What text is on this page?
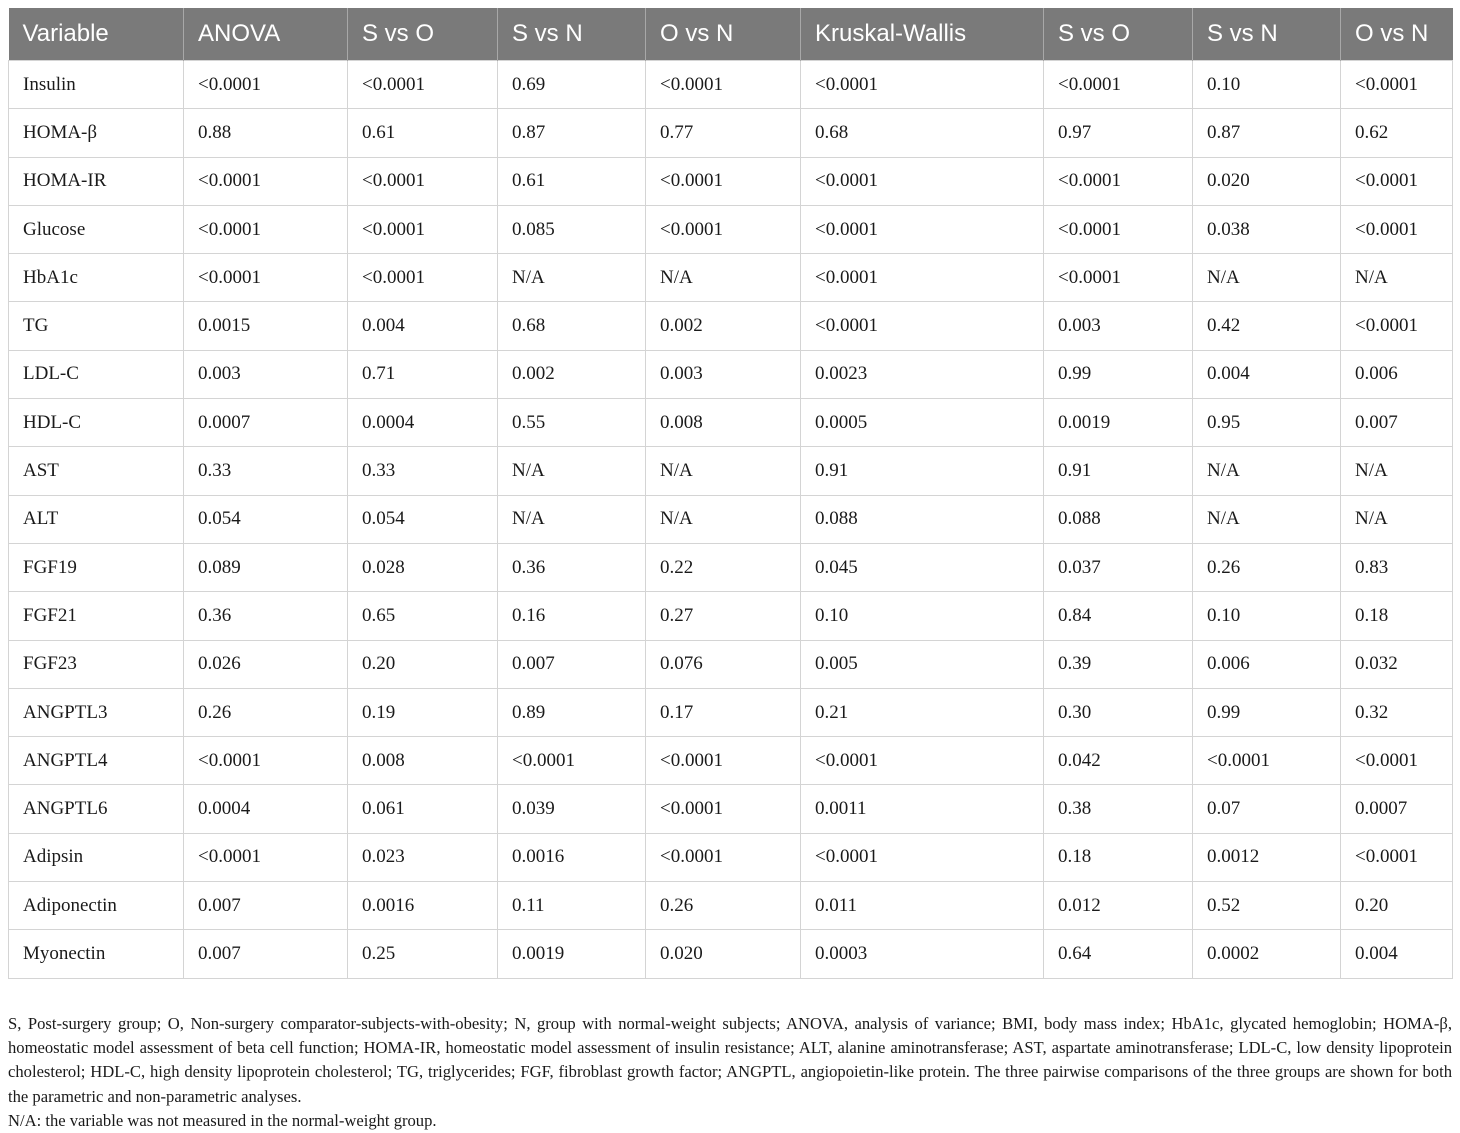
Variable	ANOVA	S vs O	S vs N	O vs N	Kruskal-Wallis	S vs O	S vs N	O vs N
Insulin	<0.0001	<0.0001	0.69	<0.0001	<0.0001	<0.0001	0.10	<0.0001
HOMA-β	0.88	0.61	0.87	0.77	0.68	0.97	0.87	0.62
HOMA-IR	<0.0001	<0.0001	0.61	<0.0001	<0.0001	<0.0001	0.020	<0.0001
Glucose	<0.0001	<0.0001	0.085	<0.0001	<0.0001	<0.0001	0.038	<0.0001
HbA1c	<0.0001	<0.0001	N/A	N/A	<0.0001	<0.0001	N/A	N/A
TG	0.0015	0.004	0.68	0.002	<0.0001	0.003	0.42	<0.0001
LDL-C	0.003	0.71	0.002	0.003	0.0023	0.99	0.004	0.006
HDL-C	0.0007	0.0004	0.55	0.008	0.0005	0.0019	0.95	0.007
AST	0.33	0.33	N/A	N/A	0.91	0.91	N/A	N/A
ALT	0.054	0.054	N/A	N/A	0.088	0.088	N/A	N/A
FGF19	0.089	0.028	0.36	0.22	0.045	0.037	0.26	0.83
FGF21	0.36	0.65	0.16	0.27	0.10	0.84	0.10	0.18
FGF23	0.026	0.20	0.007	0.076	0.005	0.39	0.006	0.032
ANGPTL3	0.26	0.19	0.89	0.17	0.21	0.30	0.99	0.32
ANGPTL4	<0.0001	0.008	<0.0001	<0.0001	<0.0001	0.042	<0.0001	<0.0001
ANGPTL6	0.0004	0.061	0.039	<0.0001	0.0011	0.38	0.07	0.0007
Adipsin	<0.0001	0.023	0.0016	<0.0001	<0.0001	0.18	0.0012	<0.0001
Adiponectin	0.007	0.0016	0.11	0.26	0.011	0.012	0.52	0.20
Myonectin	0.007	0.25	0.0019	0.020	0.0003	0.64	0.0002	0.004

S, Post-surgery group; O, Non-surgery comparator-subjects-with-obesity; N, group with normal-weight subjects; ANOVA, analysis of variance; BMI, body mass index; HbA1c, glycated hemoglobin; HOMA-β, homeostatic model assessment of beta cell function; HOMA-IR, homeostatic model assessment of insulin resistance; ALT, alanine aminotransferase; AST, aspartate aminotransferase; LDL-C, low density lipoprotein cholesterol; HDL-C, high density lipoprotein cholesterol; TG, triglycerides; FGF, fibroblast growth factor; ANGPTL, angiopoietin-like protein. The three pairwise comparisons of the three groups are shown for both the parametric and non-parametric analyses.

N/A: the variable was not measured in the normal-weight group.
